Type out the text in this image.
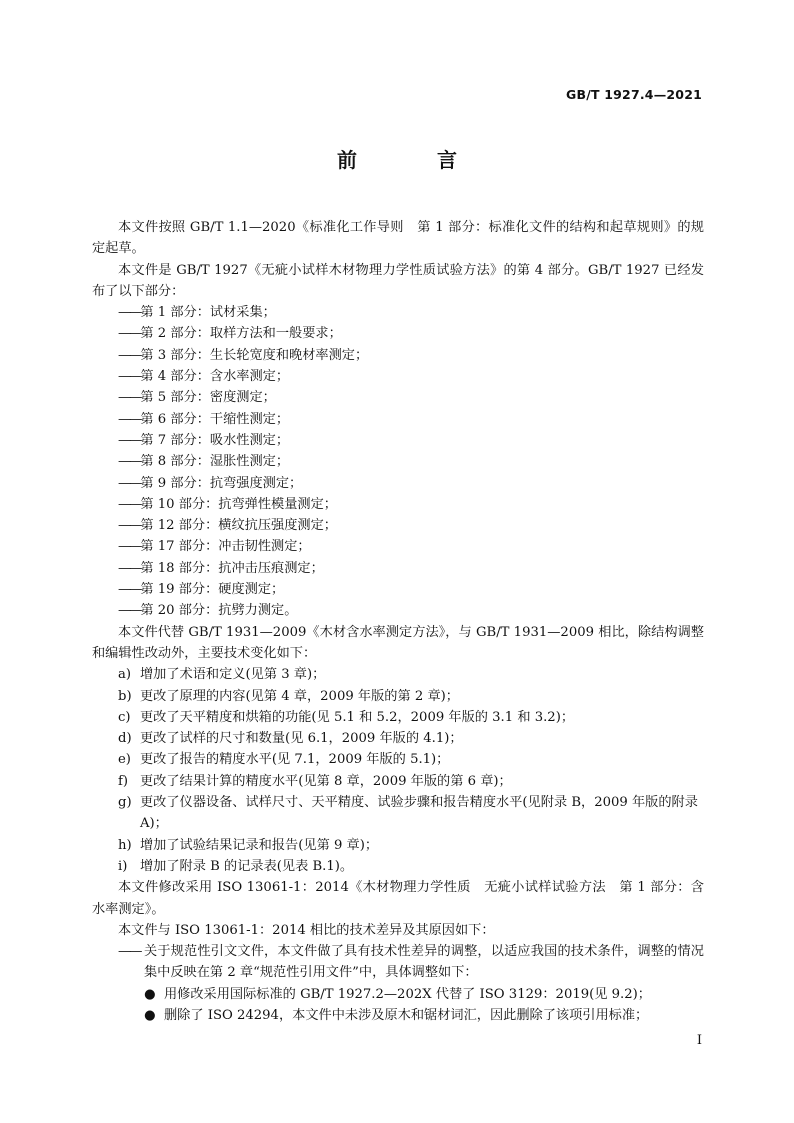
GB/T 1927.4—2021
前　言

本文件按照 GB/T 1.1—2020《标准化工作导则　第 1 部分：标准化文件的结构和起草规则》的规定起草。

本文件是 GB/T 1927《无疵小试样木材物理力学性质试验方法》的第 4 部分。GB/T 1927 已经发布了以下部分：

——第 1 部分：试材采集；

——第 2 部分：取样方法和一般要求；

——第 3 部分：生长轮宽度和晚材率测定；

——第 4 部分：含水率测定；

——第 5 部分：密度测定；

——第 6 部分：干缩性测定；

——第 7 部分：吸水性测定；

——第 8 部分：湿胀性测定；

——第 9 部分：抗弯强度测定；

——第 10 部分：抗弯弹性模量测定；

——第 12 部分：横纹抗压强度测定；

——第 17 部分：冲击韧性测定；

——第 18 部分：抗冲击压痕测定；

——第 19 部分：硬度测定；

——第 20 部分：抗劈力测定。

本文件代替 GB/T 1931—2009《木材含水率测定方法》，与 GB/T 1931—2009 相比，除结构调整和编辑性改动外，主要技术变化如下：

a) 增加了术语和定义(见第 3 章)；

b) 更改了原理的内容(见第 4 章，2009 年版的第 2 章)；

c) 更改了天平精度和烘箱的功能(见 5.1 和 5.2，2009 年版的 3.1 和 3.2)；

d) 更改了试样的尺寸和数量(见 6.1，2009 年版的 4.1)；

e) 更改了报告的精度水平(见 7.1，2009 年版的 5.1)；

f) 更改了结果计算的精度水平(见第 8 章，2009 年版的第 6 章)；

g) 更改了仪器设备、试样尺寸、天平精度、试验步骤和报告精度水平(见附录 B，2009 年版的附录 A)；

h) 增加了试验结果记录和报告(见第 9 章)；

i) 增加了附录 B 的记录表(见表 B.1)。

本文件修改采用 ISO 13061-1：2014《木材物理力学性质　无疵小试样试验方法　第 1 部分：含水率测定》。

本文件与 ISO 13061-1：2014 相比的技术差异及其原因如下：

—— 关于规范性引文文件，本文件做了具有技术性差异的调整，以适应我国的技术条件，调整的情况集中反映在第 2 章“规范性引用文件”中，具体调整如下：

● 用修改采用国际标准的 GB/T 1927.2—202X 代替了 ISO 3129：2019(见 9.2)；

● 删除了 ISO 24294，本文件中未涉及原木和锯材词汇，因此删除了该项引用标准；

I
